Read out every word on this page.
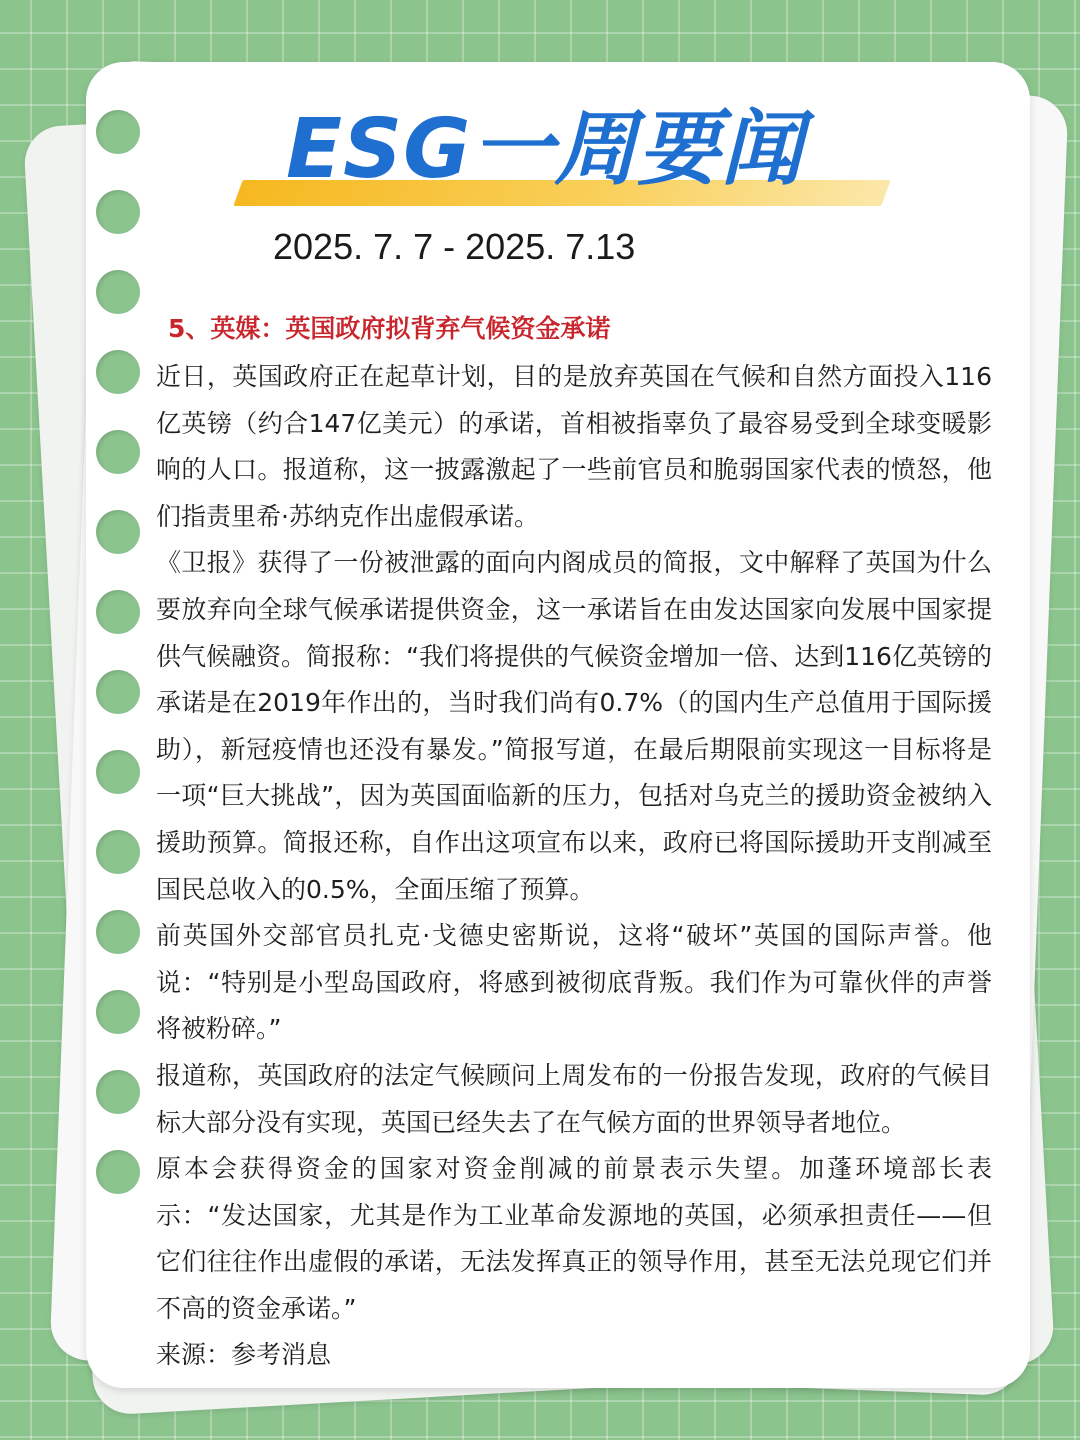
ESG一周要闻
2025. 7. 7 - 2025. 7.13
5、英媒：英国政府拟背弃气候资金承诺

近日，英国政府正在起草计划，目的是放弃英国在气候和自然方面投入116亿英镑（约合147亿美元）的承诺，首相被指辜负了最容易受到全球变暖影响的人口。报道称，这一披露激起了一些前官员和脆弱国家代表的愤怒，他们指责里希·苏纳克作出虚假承诺。

《卫报》获得了一份被泄露的面向内阁成员的简报，文中解释了英国为什么要放弃向全球气候承诺提供资金，这一承诺旨在由发达国家向发展中国家提供气候融资。简报称：“我们将提供的气候资金增加一倍、达到116亿英镑的承诺是在2019年作出的，当时我们尚有0.7%（的国内生产总值用于国际援助），新冠疫情也还没有暴发。”简报写道，在最后期限前实现这一目标将是一项“巨大挑战”，因为英国面临新的压力，包括对乌克兰的援助资金被纳入援助预算。简报还称，自作出这项宣布以来，政府已将国际援助开支削减至国民总收入的0.5%，全面压缩了预算。

前英国外交部官员扎克·戈德史密斯说，这将“破坏”英国的国际声誉。他说：“特别是小型岛国政府，将感到被彻底背叛。我们作为可靠伙伴的声誉将被粉碎。”

报道称，英国政府的法定气候顾问上周发布的一份报告发现，政府的气候目标大部分没有实现，英国已经失去了在气候方面的世界领导者地位。

原本会获得资金的国家对资金削减的前景表示失望。加蓬环境部长表示：“发达国家，尤其是作为工业革命发源地的英国，必须承担责任——但它们往往作出虚假的承诺，无法发挥真正的领导作用，甚至无法兑现它们并不高的资金承诺。”

来源：参考消息
